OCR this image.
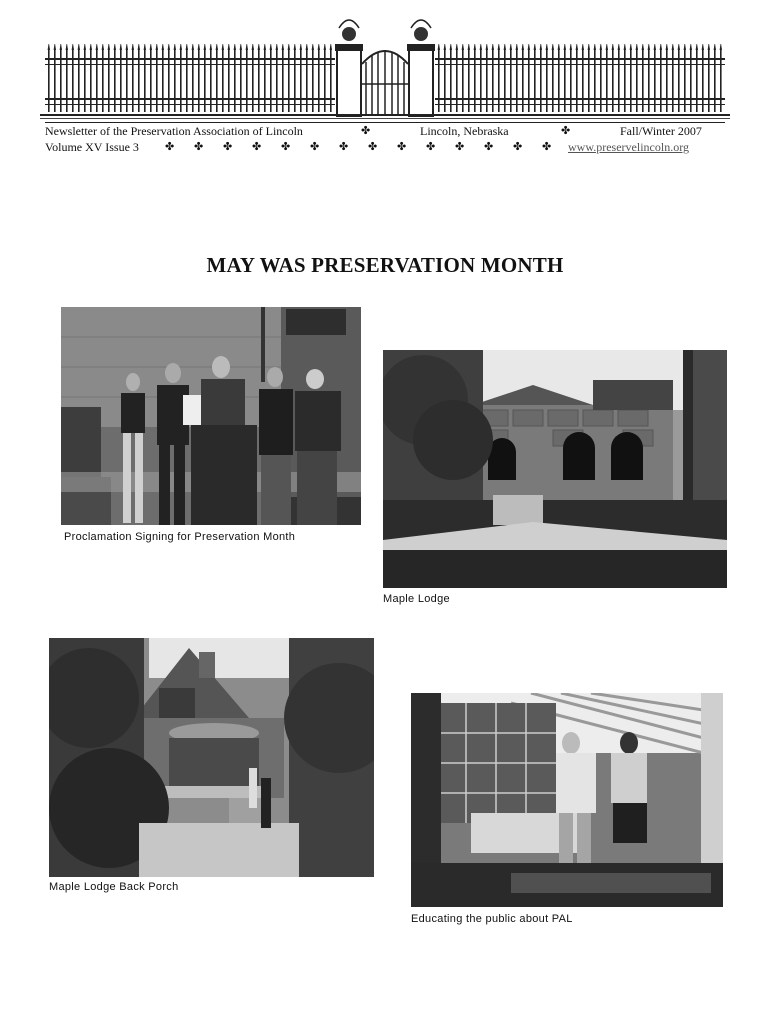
Newsletter of the Preservation Association of Lincoln	✤	Lincoln, Nebraska	✤	Fall/Winter 2007
Volume XV Issue 3 ✤ ✤ ✤ ✤ ✤ ✤ ✤ ✤ ✤ ✤ ✤ ✤ ✤ ✤ www.preservelincoln.org
MAY WAS PRESERVATION MONTH
Proclamation Signing for Preservation Month
Maple Lodge
Maple Lodge Back Porch
Educating the public about PAL
